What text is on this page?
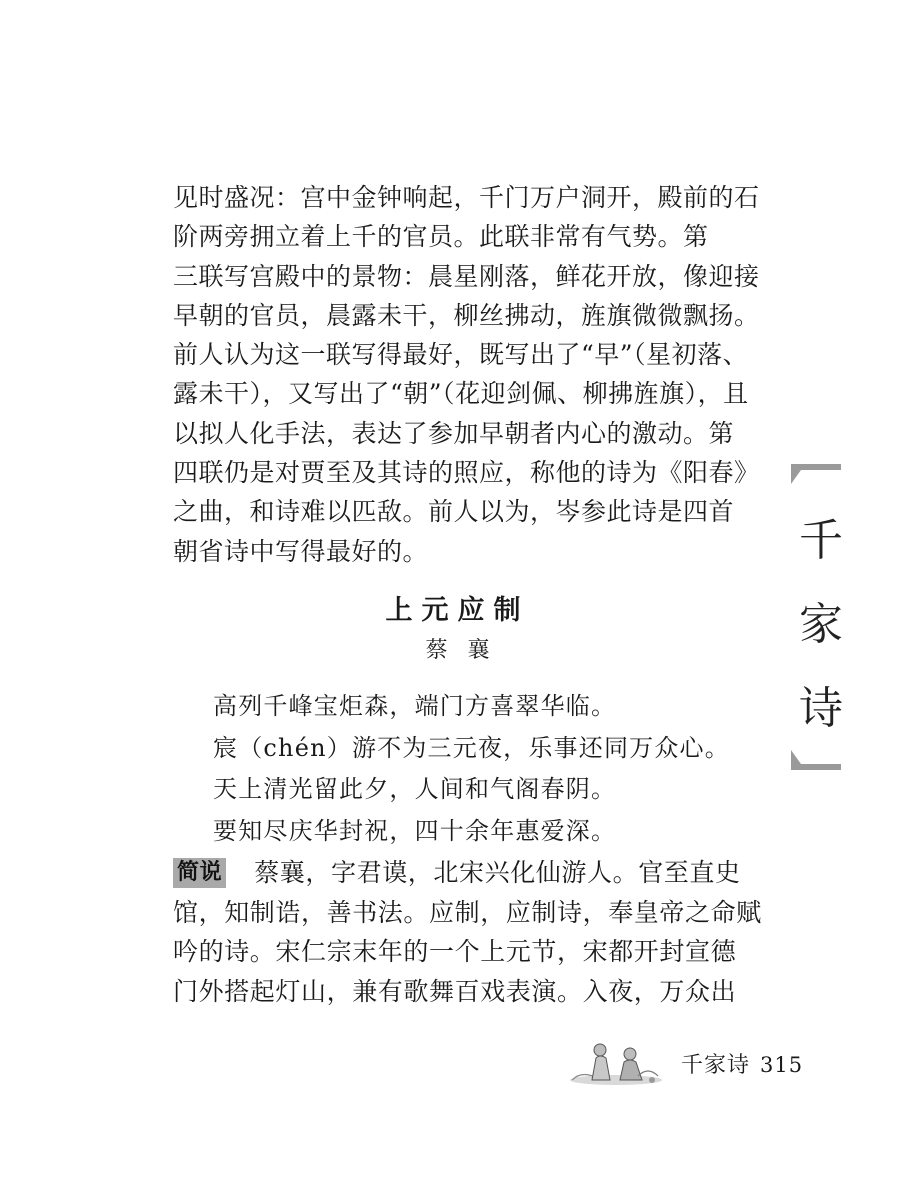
见时盛况：宫中金钟响起，千门万户洞开，殿前的石
阶两旁拥立着上千的官员。此联非常有气势。第
三联写宫殿中的景物：晨星刚落，鲜花开放，像迎接
早朝的官员，晨露未干，柳丝拂动，旌旗微微飘扬。
前人认为这一联写得最好，既写出了“早”（星初落、
露未干），又写出了“朝”（花迎剑佩、柳拂旌旗），且
以拟人化手法，表达了参加早朝者内心的激动。第
四联仍是对贾至及其诗的照应，称他的诗为《阳春》
之曲，和诗难以匹敌。前人以为，岑参此诗是四首
朝省诗中写得最好的。
上元应制
蔡襄
高列千峰宝炬森，端门方喜翠华临。
宸（chén）游不为三元夜，乐事还同万众心。
天上清光留此夕，人间和气阁春阴。
要知尽庆华封祝，四十余年惠爱深。
简说 蔡襄，字君谟，北宋兴化仙游人。官至直史
馆，知制诰，善书法。应制，应制诗，奉皇帝之命赋
吟的诗。宋仁宗末年的一个上元节，宋都开封宣德
门外搭起灯山，兼有歌舞百戏表演。入夜，万众出
千
家
诗
千家诗 315
